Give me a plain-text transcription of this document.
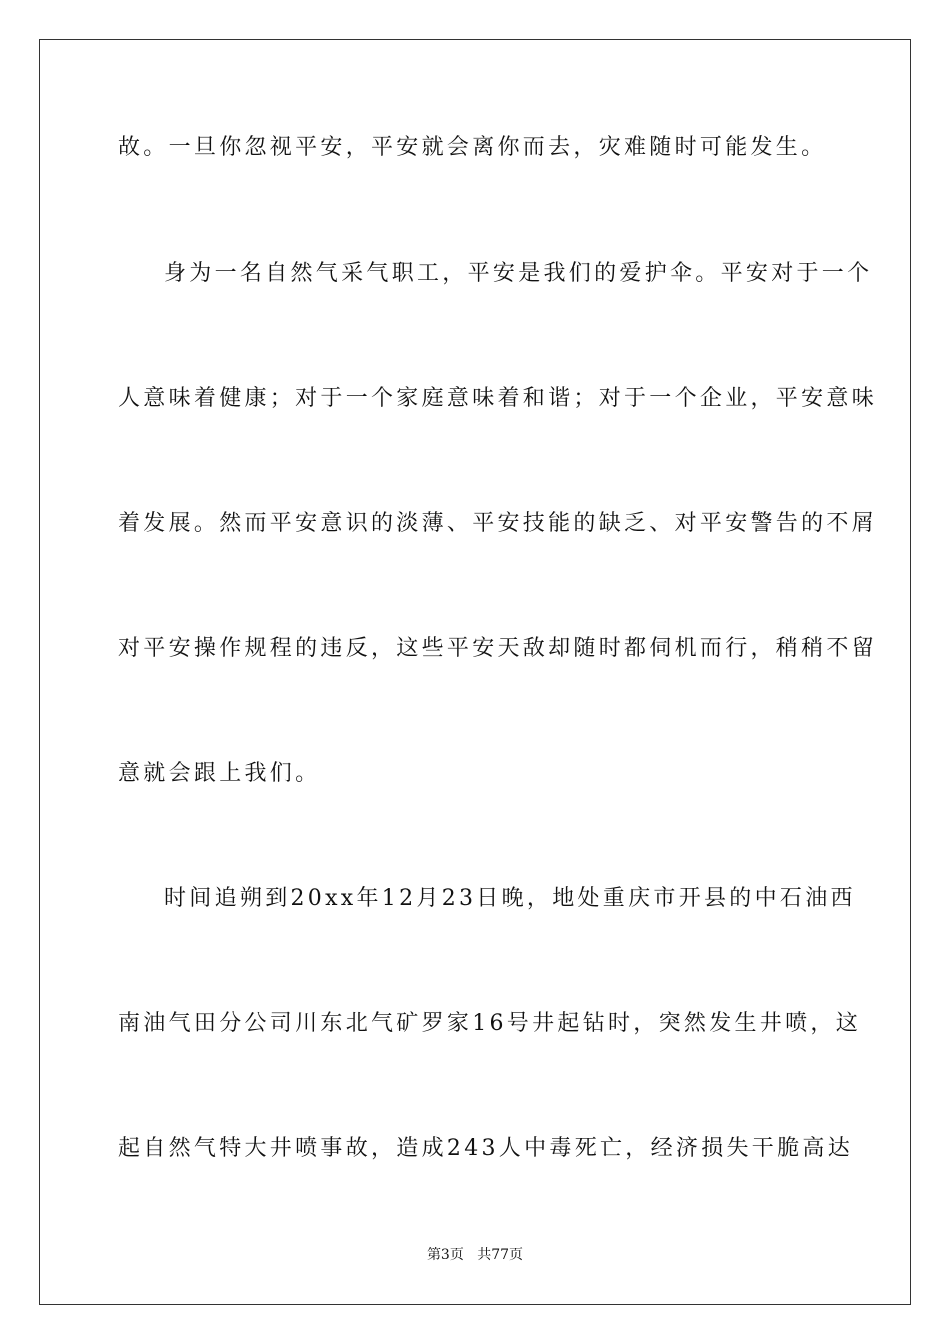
故。一旦你忽视平安，平安就会离你而去，灾难随时可能发生。
身为一名自然气采气职工，平安是我们的爱护伞。平安对于一个
人意味着健康；对于一个家庭意味着和谐；对于一个企业，平安意味
着发展。然而平安意识的淡薄、平安技能的缺乏、对平安警告的不屑
对平安操作规程的违反，这些平安天敌却随时都伺机而行，稍稍不留
意就会跟上我们。
时间追朔到20xx年12月23日晚，地处重庆市开县的中石油西
南油气田分公司川东北气矿罗家16号井起钻时，突然发生井喷，这
起自然气特大井喷事故，造成243人中毒死亡，经济损失干脆高达
第3页 共77页
